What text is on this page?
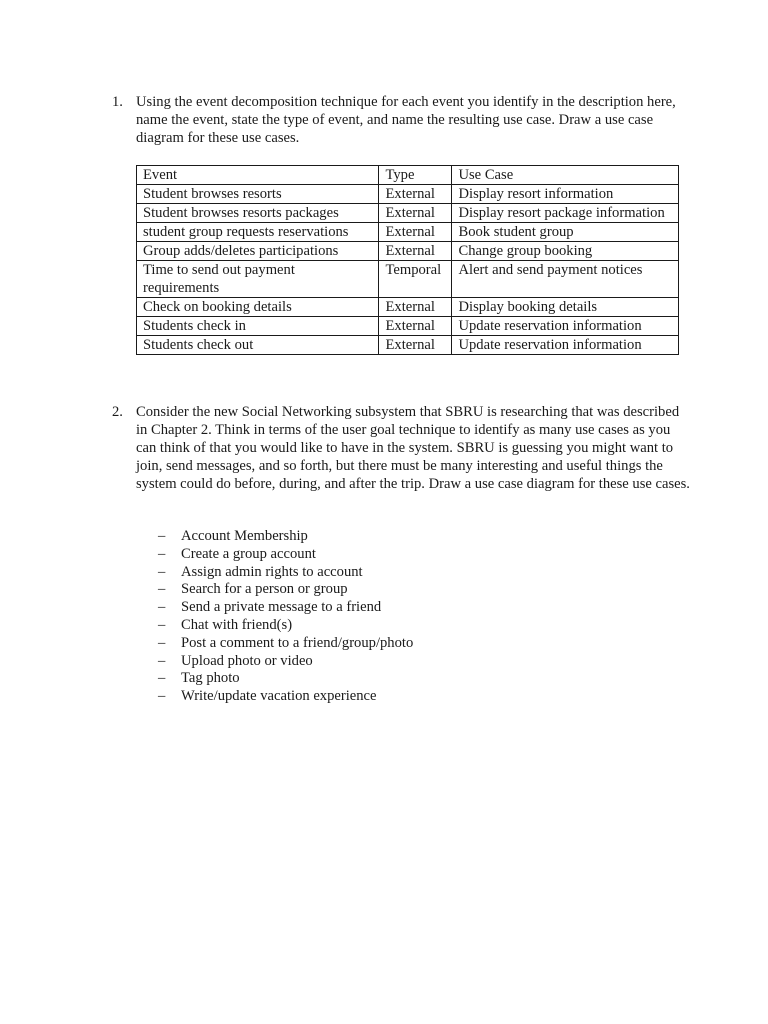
1. Using the event decomposition technique for each event you identify in the description here, name the event, state the type of event, and name the resulting use case. Draw a use case diagram for these use cases.
Event	Type	Use Case
Student browses resorts	External	Display resort information
Student browses resorts packages	External	Display resort package information
student group requests reservations	External	Book student group
Group adds/deletes participations	External	Change group booking
Time to send out payment requirements	Temporal	Alert and send payment notices
Check on booking details	External	Display booking details
Students check in	External	Update reservation information
Students check out	External	Update reservation information
2. Consider the new Social Networking subsystem that SBRU is researching that was described in Chapter 2. Think in terms of the user goal technique to identify as many use cases as you can think of that you would like to have in the system. SBRU is guessing you might want to join, send messages, and so forth, but there must be many interesting and useful things the system could do before, during, and after the trip. Draw a use case diagram for these use cases.
– Account Membership
– Create a group account
– Assign admin rights to account
– Search for a person or group
– Send a private message to a friend
– Chat with friend(s)
– Post a comment to a friend/group/photo
– Upload photo or video
– Tag photo
– Write/update vacation experience
